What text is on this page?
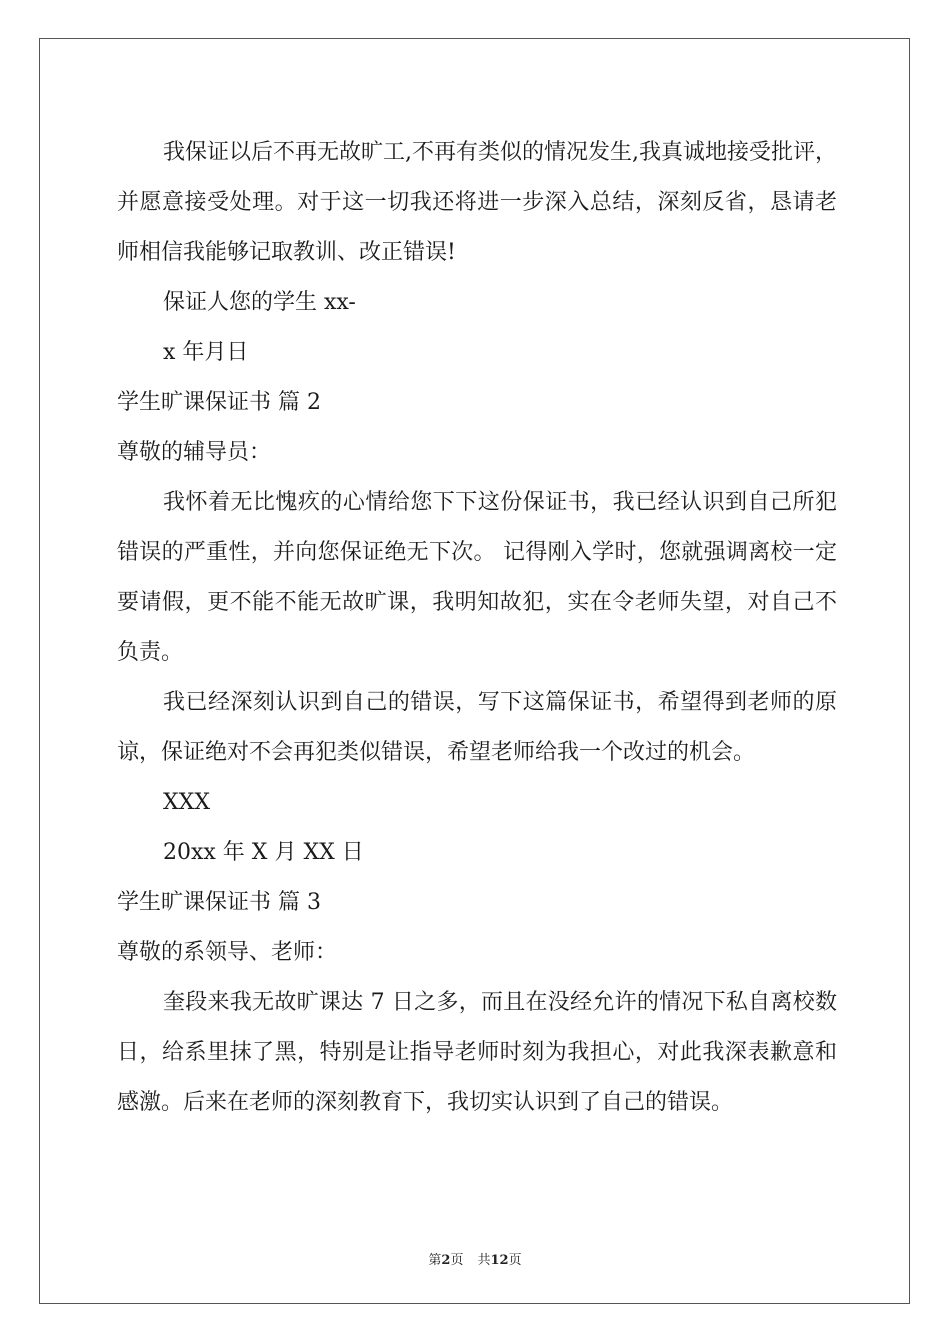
我保证以后不再无故旷工,不再有类似的情况发生,我真诚地接受批评，并愿意接受处理。对于这一切我还将进一步深入总结，深刻反省，恳请老师相信我能够记取教训、改正错误!
保证人您的学生 xx-
x 年月日
学生旷课保证书 篇 2
尊敬的辅导员：
我怀着无比愧疚的心情给您下下这份保证书，我已经认识到自己所犯错误的严重性，并向您保证绝无下次。 记得刚入学时，您就强调离校一定要请假，更不能不能无故旷课，我明知故犯，实在令老师失望，对自己不负责。
我已经深刻认识到自己的错误，写下这篇保证书，希望得到老师的原谅，保证绝对不会再犯类似错误，希望老师给我一个改过的机会。
XXX
20xx 年 X 月 XX 日
学生旷课保证书 篇 3
尊敬的系领导、老师：
奎段来我无故旷课达 7 日之多，而且在没经允许的情况下私自离校数日，给系里抹了黑，特别是让指导老师时刻为我担心，对此我深表歉意和感激。后来在老师的深刻教育下，我切实认识到了自己的错误。
第2页 共12页
